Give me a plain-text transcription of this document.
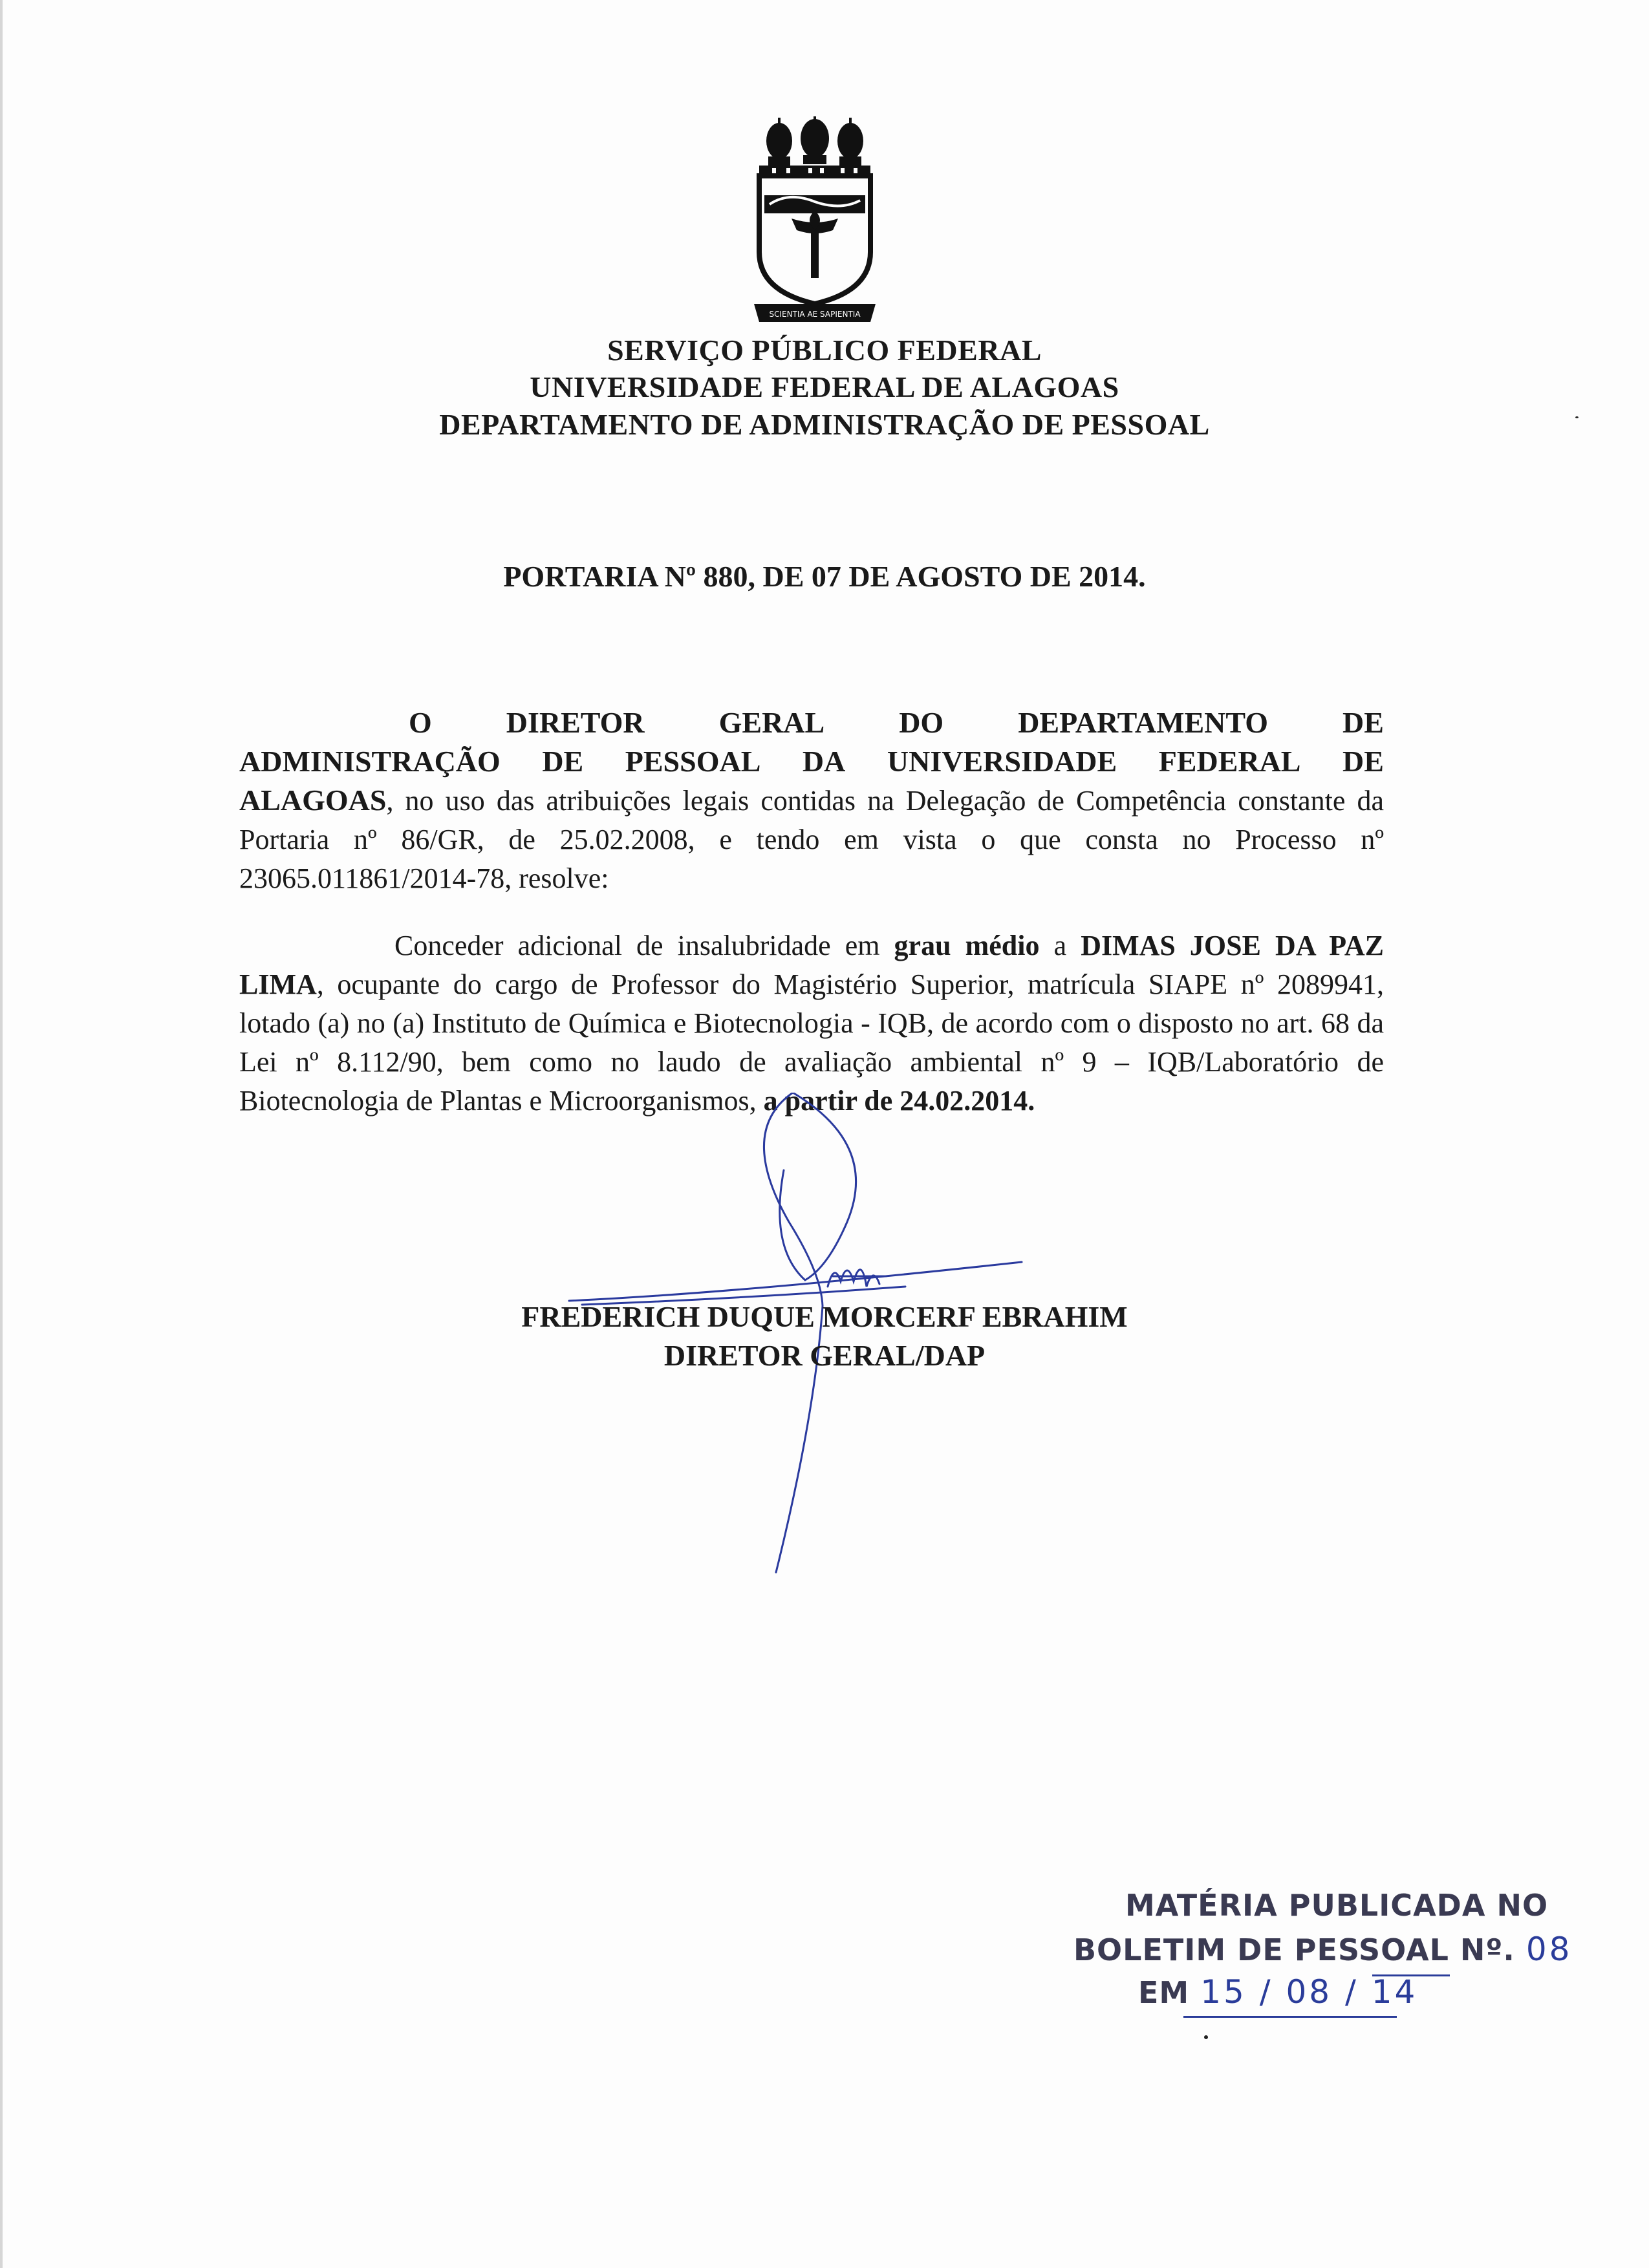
SCIENTIA AE SAPIENTIA
SERVIÇO PÚBLICO FEDERAL
UNIVERSIDADE FEDERAL DE ALAGOAS
DEPARTAMENTO DE ADMINISTRAÇÃO DE PESSOAL
PORTARIA Nº 880, DE 07 DE AGOSTO DE 2014.
O DIRETOR GERAL DO DEPARTAMENTO DE
ADMINISTRAÇÃO DE PESSOAL DA UNIVERSIDADE FEDERAL DE
ALAGOAS, no uso das atribuições legais contidas na Delegação de Competência constante da Portaria nº 86/GR, de 25.02.2008, e tendo em vista o que consta no Processo nº 23065.011861/2014-78, resolve:
Conceder adicional de insalubridade em grau médio a DIMAS JOSE DA PAZ LIMA, ocupante do cargo de Professor do Magistério Superior, matrícula SIAPE nº 2089941, lotado (a) no (a) Instituto de Química e Biotecnologia - IQB, de acordo com o disposto no art. 68 da Lei nº 8.112/90, bem como no laudo de avaliação ambiental nº 9 – IQB/Laboratório de Biotecnologia de Plantas e Microorganismos, a partir de 24.02.2014.
FREDERICH DUQUE MORCERF EBRAHIM
DIRETOR GERAL/DAP
MATÉRIA PUBLICADA NO
BOLETIM DE PESSOAL Nº. 08
EM 15 / 08 / 14
